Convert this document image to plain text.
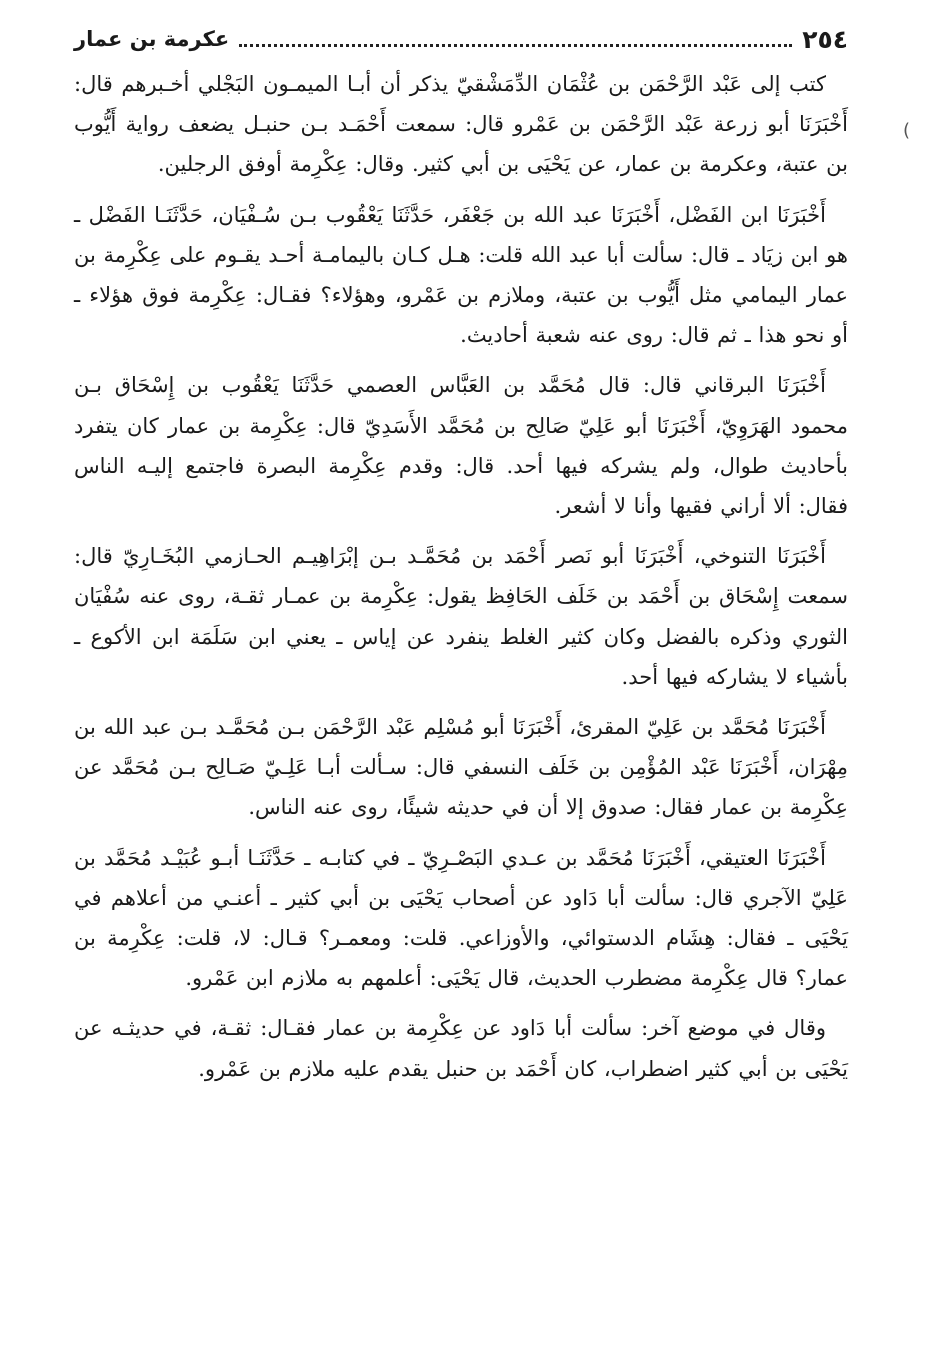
٢٥٤
عكرمة بن عمار

كتب إلى عَبْد الرَّحْمَن بن عُثْمَان الدِّمَشْقيّ يذكر أن أبـا الميمـون البَجْلي أخـبرهم قال: أَخْبَرَنَا أبو زرعة عَبْد الرَّحْمَن بن عَمْرو قال: سمعت أَحْمَـد بـن حنبـل يضعف رواية أَيُّوب بن عتبة، وعكرمة بن عمار، عن يَحْيَى بن أبي كثير. وقال: عِكْرِمة أوفق الرجلين.

أَخْبَرَنَا ابن الفَضْل، أَخْبَرَنَا عبد الله بن جَعْفَر، حَدَّثَنَا يَعْقُوب بـن سُـفْيَان، حَدَّثَنَـا الفَضْل ـ هو ابن زيَاد ـ قال: سألت أبا عبد الله قلت: هـل كـان باليمامـة أحـد يقـوم على عِكْرِمة بن عمار اليمامي مثل أَيُّوب بن عتبة، وملازم بن عَمْرو، وهؤلاء؟ فقـال: عِكْرِمة فوق هؤلاء ـ أو نحو هذا ـ ثم قال: روى عنه شعبة أحاديث.

أَخْبَرَنَا البرقاني قال: قال مُحَمَّد بن العَبَّاس العصمي حَدَّثَنَا يَعْقُوب بن إِسْحَاق بـن محمود الهَرَوِيّ، أَخْبَرَنَا أبو عَلِيّ صَالِح بن مُحَمَّد الأَسَدِيّ قال: عِكْرِمة بن عمار كان يتفرد بأحاديث طوال، ولم يشركه فيها أحد. قال: وقدم عِكْرِمة البصرة فاجتمع إليـه الناس فقال: ألا أراني فقيها وأنا لا أشعر.

أَخْبَرَنَا التنوخي، أَخْبَرَنَا أبو نَصر أَحْمَد بن مُحَمَّـد بـن إبْرَاهِيـم الحـازمي البُخَـارِيّ قال: سمعت إِسْحَاق بن أَحْمَد بن خَلَف الحَافِظ يقول: عِكْرِمة بن عمـار ثقـة، روى عنه سُفْيَان الثوري وذكره بالفضل وكان كثير الغلط ينفرد عن إياس ـ يعني ابن سَلَمَة ابن الأكوع ـ بأشياء لا يشاركه فيها أحد.

أَخْبَرَنَا مُحَمَّد بن عَلِيّ المقرئ، أَخْبَرَنَا أبو مُسْلِم عَبْد الرَّحْمَن بـن مُحَمَّـد بـن عبد الله بن مِهْرَان، أَخْبَرَنَا عَبْد المُؤْمِن بن خَلَف النسفي قال: سـألت أبـا عَلِـيّ صَـالِح بـن مُحَمَّد عن عِكْرِمة بن عمار فقال: صدوق إلا أن في حديثه شيئًا، روى عنه الناس.

أَخْبَرَنَا العتيقي، أَخْبَرَنَا مُحَمَّد بن عـدي البَصْـرِيّ ـ في كتابـه ـ حَدَّثَنَـا أبـو عُبَيْـد مُحَمَّد بن عَلِيّ الآجري قال: سألت أبا دَاود عن أصحاب يَحْيَى بن أبي كثير ـ أعنـي من أعلاهم في يَحْيَى ـ فقال: هِشَام الدستوائي، والأوزاعي. قلت: ومعمـر؟ قـال: لا، قلت: عِكْرِمة بن عمار؟ قال عِكْرِمة مضطرب الحديث، قال يَحْيَى: أعلمهم به ملازم ابن عَمْرو.

وقال في موضع آخر: سألت أبا دَاود عن عِكْرِمة بن عمار فقـال: ثقـة، في حديثـه عن يَحْيَى بن أبي كثير اضطراب، كان أَحْمَد بن حنبل يقدم عليه ملازم بن عَمْرو.

(
